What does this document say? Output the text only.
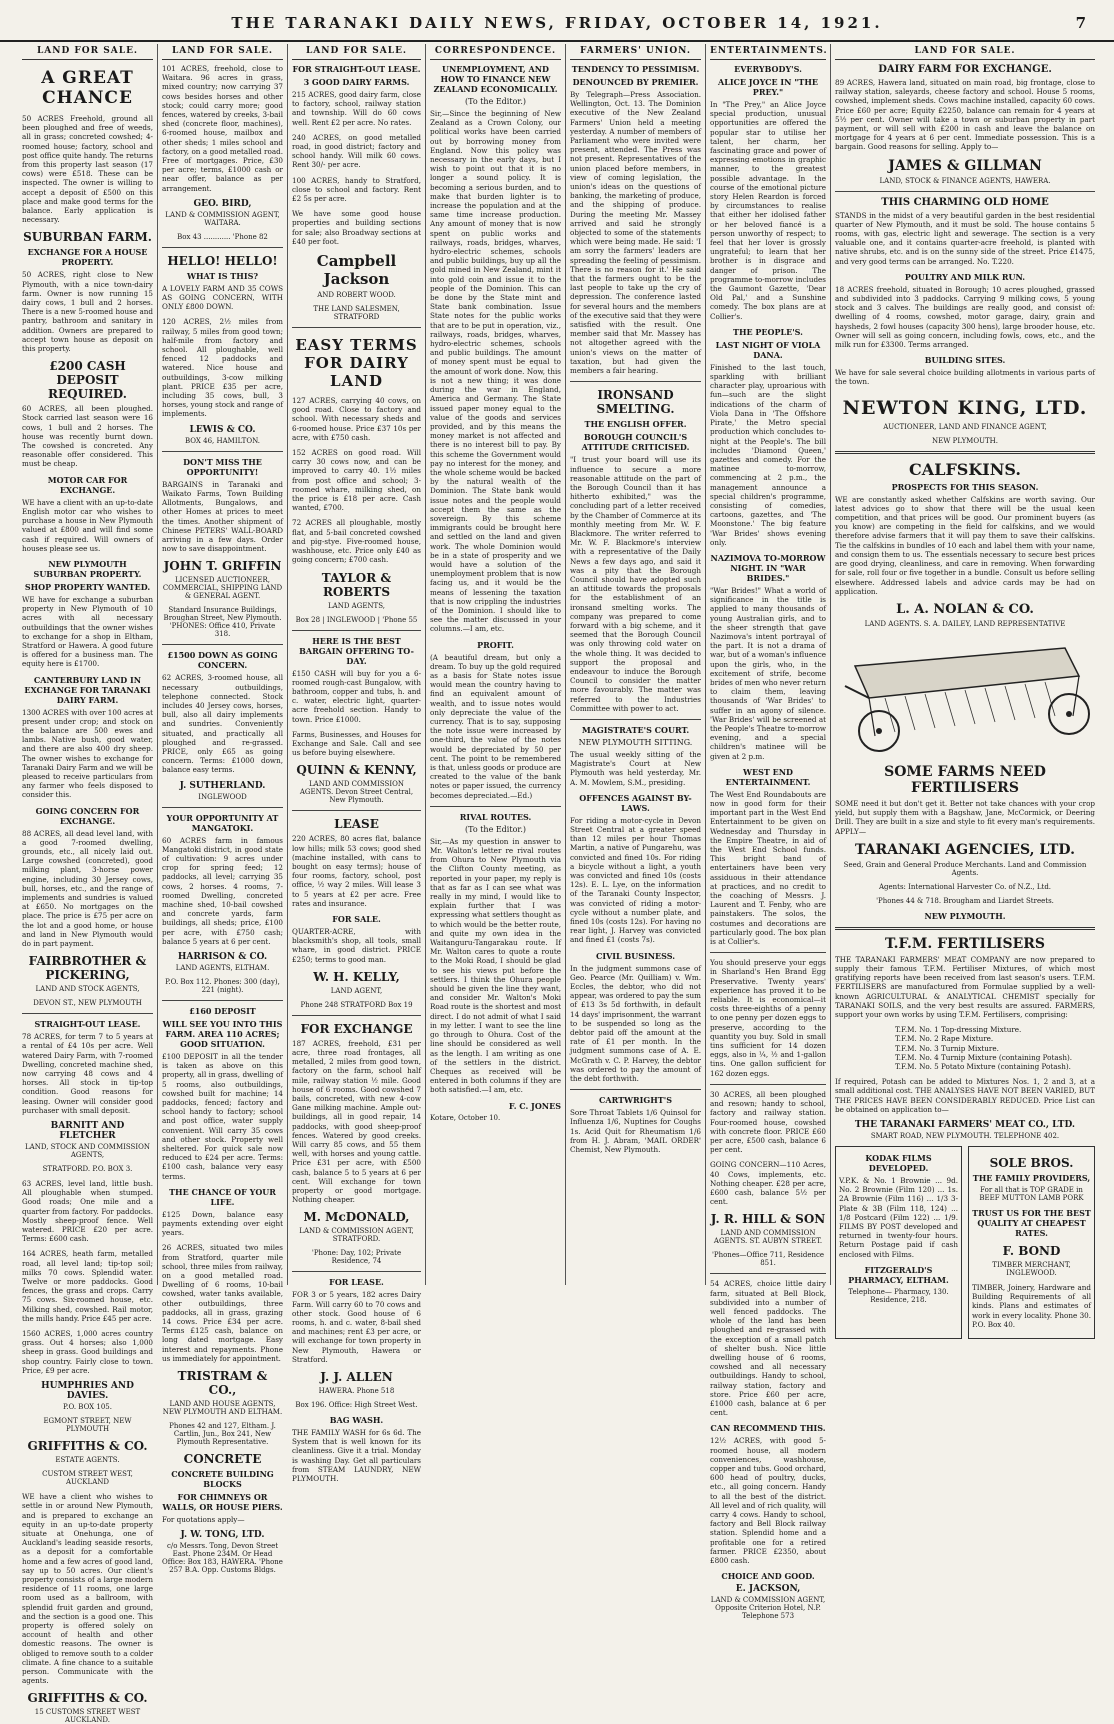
THE TARANAKI DAILY NEWS, FRIDAY, OCTOBER 14, 1921.	7
LAND FOR SALE.
A GREAT CHANCE
50 ACRES Freehold, ground all been ploughed and free of weeds, all in grass; concreted cowshed; 4-roomed house; factory, school and post office quite handy. The returns from this property last season (17 cows) were £518. These can be inspected. The owner is willing to accept a deposit of £500 on this place and make good terms for the balance. Early application is necessary.
SUBURBAN FARM.
EXCHANGE FOR A HOUSE PROPERTY.
50 ACRES, right close to New Plymouth, with a nice town-dairy farm. Owner is now running 15 dairy cows, 1 bull and 2 horses. There is a new 5-roomed house and pantry, bathroom and sanitary in addition. Owners are prepared to accept town house as deposit on this property.
£200 CASH DEPOSIT REQUIRED.
60 ACRES, all been ploughed. Stock carried last season were 16 cows, 1 bull and 2 horses. The house was recently burnt down. The cowshed is concreted. Any reasonable offer considered. This must be cheap.
MOTOR CAR FOR EXCHANGE.
WE have a client with an up-to-date English motor car who wishes to purchase a house in New Plymouth valued at £800 and will find some cash if required. Will owners of houses please see us.
NEW PLYMOUTH SUBURBAN PROPERTY.
SHOP PROPERTY WANTED.
WE have for exchange a suburban property in New Plymouth of 10 acres with all necessary outbuildings that the owner wishes to exchange for a shop in Eltham, Stratford or Hawera. A good future is offered for a business man. The equity here is £1700.
CANTERBURY LAND IN EXCHANGE FOR TARANAKI DAIRY FARM.
1300 ACRES with over 100 acres at present under crop; and stock on the balance are 500 ewes and lambs. Native bush, good water, and there are also 400 dry sheep. The owner wishes to exchange for Taranaki Dairy Farm and we will be pleased to receive particulars from any farmer who feels disposed to consider this.
GOING CONCERN FOR EXCHANGE.
88 ACRES, all dead level land, with a good 7-roomed dwelling, grounds, etc., all nicely laid out. Large cowshed (concreted), good milking plant, 3-horse power engine, including 30 Jersey cows, bull, horses, etc., and the range of implements and sundries is valued at £650. No mortgages on the place. The price is £75 per acre on the lot and a good home, or house and land in New Plymouth would do in part payment.
FAIRBROTHER & PICKERING,
LAND AND STOCK AGENTS,
DEVON ST., NEW PLYMOUTH
STRAIGHT-OUT LEASE.
78 ACRES, for term 7 to 5 years at a rental of £4 10s per acre. Well watered Dairy Farm, with 7-roomed Dwelling, concreted machine shed, now carrying 48 cows and 4 horses. All stock in tip-top condition. Good reasons for leasing. Owner will consider good purchaser with small deposit.
BARNITT AND FLETCHER
LAND, STOCK AND COMMISSION AGENTS,
STRATFORD. P.O. BOX 3.
63 ACRES, level land, little bush. All ploughable when stumped. Good roads; One mile and a quarter from factory. For paddocks. Mostly sheep-proof fence. Well watered. PRICE £20 per acre. Terms: £600 cash.
164 ACRES, heath farm, metalled road, all level land; tip-top soil; milks 70 cows. Splendid water. Twelve or more paddocks. Good fences, the grass and crops. Carry 75 cows. Six-roomed house, etc. Milking shed, cowshed. Rail motor, the mills handy. Price £45 per acre.
1560 ACRES, 1,000 acres country grass. Out 4 horses; also 1,000 sheep in grass. Good buildings and shop country. Fairly close to town. Price, £9 per acre.
HUMPHRIES AND DAVIES.
P.O. BOX 105.
EGMONT STREET, NEW PLYMOUTH
GRIFFITHS & CO.
ESTATE AGENTS.
CUSTOM STREET WEST, AUCKLAND
WE have a client who wishes to settle in or around New Plymouth, and is prepared to exchange an equity in an up-to-date property situate at Onehunga, one of Auckland's leading seaside resorts, as a deposit for a comfortable home and a few acres of good land, say up to 50 acres. Our client's property consists of a large modern residence of 11 rooms, one large room used as a ballroom, with splendid fruit garden and ground, and the section is a good one. This property is offered solely on account of health and other domestic reasons. The owner is obliged to remove south to a colder climate. A fine chance to a suitable person. Communicate with the agents.
GRIFFITHS & CO.
15 CUSTOMS STREET WEST AUCKLAND.
LAND FOR SALE.
101 ACRES, freehold, close to Waitara. 96 acres in grass, mixed country; now carrying 37 cows besides horses and other stock; could carry more; good fences, watered by creeks, 3-bail shed (concrete floor, machines), 6-roomed house, mailbox and other sheds; 1 miles school and factory, on a good metalled road. Free of mortgages. Price, £30 per acre; terms, £1000 cash or near offer, balance as per arrangement.
GEO. BIRD,
LAND & COMMISSION AGENT, WAITARA.
Box 43 ............ 'Phone 82
HELLO! HELLO!
WHAT IS THIS?
A LOVELY FARM AND 35 COWS AS GOING CONCERN, WITH ONLY £800 DOWN.
120 ACRES, 2½ miles from railway, 5 miles from good town; half-mile from factory and school. All ploughable, well fenced 12 paddocks and watered. Nice house and outbuildings, 3-cow milking plant. PRICE £35 per acre, including 35 cows, bull, 3 horses, young stock and range of implements.
LEWIS & CO.
BOX 46, HAMILTON.
DON'T MISS THE OPPORTUNITY!
BARGAINS in Taranaki and Waikato Farms, Town Building Allotments, Bungalows, and other Homes at prices to meet the times. Another shipment of Chinese PETERS' WALL-BOARD arriving in a few days. Order now to save disappointment.
JOHN T. GRIFFIN
LICENSED AUCTIONEER, COMMERCIAL, SHIPPING LAND & GENERAL AGENT.
Standard Insurance Buildings, Broughan Street, New Plymouth. 'PHONES: Office 410, Private 318.
£1500 DOWN AS GOING CONCERN.
62 ACRES, 3-roomed house, all necessary outbuildings, telephone connected. Stock includes 40 Jersey cows, horses, bull, also all dairy implements and sundries. Conveniently situated, and practically all ploughed and re-grassed. PRICE, only £65 as going concern. Terms: £1000 down, balance easy terms.
J. SUTHERLAND.
INGLEWOOD
YOUR OPPORTUNITY AT MANGATOKI.
60 ACRES farm in famous Mangatoki district, in good state of cultivation: 9 acres under crop for spring feed; 12 paddocks, all level; carrying 35 cows, 2 horses. 4 rooms, 7-roomed Dwelling, concreted machine shed, 10-bail cowshed and concrete yards, farm buildings, all sheds; price, £100 per acre, with £750 cash; balance 5 years at 6 per cent.
HARRISON & CO.
LAND AGENTS, ELTHAM.
P.O. Box 112. Phones: 300 (day), 221 (night).
£160 DEPOSIT
WILL SEE YOU INTO THIS FARM. AREA 110 ACRES; GOOD SITUATION.
£100 DEPOSIT in all the tender is taken as above on this property, all in grass, dwelling of 5 rooms, also outbuildings, cowshed built for machine; 14 paddocks, fenced; factory and school handy to factory; school and post office, water supply convenient. Will carry 35 cows and other stock. Property well sheltered. For quick sale now reduced to £24 per acre. Terms: £100 cash, balance very easy terms.
THE CHANCE OF YOUR LIFE.
£125 Down, balance easy payments extending over eight years.
26 ACRES, situated two miles from Stratford, quarter mile school, three miles from railway, on a good metalled road. Dwelling of 6 rooms, 10-bail cowshed, water tanks available, other outbuildings, three paddocks, all in grass, grazing 14 cows. Price £34 per acre. Terms £125 cash, balance on long dated mortgage. Easy interest and repayments. Phone us immediately for appointment.
TRISTRAM & CO.,
LAND AND HOUSE AGENTS, NEW PLYMOUTH AND ELTHAM.
Phones 42 and 127, Eltham. J. Cartlin, Jun., Box 241, New Plymouth Representative.
CONCRETE
CONCRETE BUILDING BLOCKS
FOR CHIMNEYS OR WALLS, OR HOUSE PIERS.
For quotations apply—
J. W. TONG, LTD.
c/o Messrs. Tong, Devon Street East. Phone 234M. Or Head Office: Box 183, HAWERA. 'Phone 257 B.A. Opp. Customs Bldgs.
LAND FOR SALE.
FOR STRAIGHT-OUT LEASE.
3 GOOD DAIRY FARMS.
215 ACRES, good dairy farm, close to factory, school, railway station and township. Will do 60 cows well. Rent £2 per acre. No rates.
240 ACRES, on good metalled road, in good district; factory and school handy. Will milk 60 cows. Rent 30/- per acre.
100 ACRES, handy to Stratford, close to school and factory. Rent £2 5s per acre.
We have some good house properties and building sections for sale; also Broadway sections at £40 per foot.
Campbell Jackson
AND ROBERT WOOD.
THE LAND SALESMEN, STRATFORD
EASY TERMS FOR DAIRY LAND
127 ACRES, carrying 40 cows, on good road. Close to factory and school. With necessary sheds and 6-roomed house. Price £37 10s per acre, with £750 cash.
152 ACRES on good road. Will carry 30 cows now, and can be improved to carry 40. 1½ miles from post office and school; 3-roomed whare, milking shed, on the price is £18 per acre. Cash wanted, £700.
72 ACRES all ploughable, mostly flat, and 5-bail concreted cowshed and pig-stye. Five-roomed house, washhouse, etc. Price only £40 as going concern; £700 cash.
TAYLOR & ROBERTS
LAND AGENTS,
Box 28 | INGLEWOOD | 'Phone 55
HERE IS THE BEST BARGAIN OFFERING TO-DAY.
£150 CASH will buy for you a 6-roomed rough-cast Bungalow, with bathroom, copper and tubs, h. and c. water, electric light, quarter-acre freehold section. Handy to town. Price £1000.
Farms, Businesses, and Houses for Exchange and Sale. Call and see us before buying elsewhere.
QUINN & KENNY,
LAND AND COMMISSION AGENTS. Devon Street Central, New Plymouth.
LEASE
220 ACRES, 80 acres flat, balance low hills; milk 53 cows; good shed (machine installed, with cans to bought on easy terms); house of four rooms, factory, school, post office, ½ way 2 miles. Will lease 3 to 5 years at £2 per acre. Free rates and insurance.
FOR SALE.
QUARTER-ACRE, with blacksmith's shop, all tools, small whare, in good district. PRICE £250; terms to good man.
W. H. KELLY,
LAND AGENT,
Phone 248 STRATFORD Box 19
FOR EXCHANGE
187 ACRES, freehold, £31 per acre, three road frontages, all metalled, 2 miles from good town, factory on the farm, school half mile, railway station ½ mile. Good house of 6 rooms. Good cowshed 7 bails, concreted, with new 4-cow Gane milking machine. Ample out-buildings, all in good repair, 14 paddocks, with good sheep-proof fences. Watered by good creeks. Will carry 85 cows, and 55 them well, with horses and young cattle. Price £31 per acre, with £500 cash, balance 5 to 5 years at 6 per cent. Will exchange for town property or good mortgage. Nothing cheaper.
M. McDONALD,
LAND & COMMISSION AGENT, STRATFORD.
'Phone: Day, 102; Private Residence, 74
FOR LEASE.
FOR 3 or 5 years, 182 acres Dairy Farm. Will carry 60 to 70 cows and other stock. Good house of 6 rooms, h. and c. water, 8-bail shed and machines; rent £3 per acre, or will exchange for town property in New Plymouth, Hawera or Stratford.
J. J. ALLEN
HAWERA. Phone 518
Box 196. Office: High Street West.
BAG WASH.
THE FAMILY WASH for 6s 6d. The System that is well known for its cleanliness. Give it a trial. Monday is washing Day. Get all particulars from STEAM LAUNDRY, NEW PLYMOUTH.
CORRESPONDENCE.
UNEMPLOYMENT, AND HOW TO FINANCE NEW ZEALAND ECONOMICALLY.
(To the Editor.)
Sir,—Since the beginning of New Zealand as a Crown Colony, our political works have been carried out by borrowing money from England. Now this policy was necessary in the early days, but I wish to point out that it is no longer a sound policy. It is becoming a serious burden, and to make that burden lighter is to increase the population and at the same time increase production. Any amount of money that is now spent on public works and railways, roads, bridges, wharves, hydro-electric schemes, schools and public buildings, buy up all the gold mined in New Zealand, mint it into gold coin and issue it to the people of the Dominion. This can be done by the State mint and State bank combination. Issue State notes for the public works that are to be put in operation, viz., railways, roads, bridges, wharves, hydro-electric schemes, schools and public buildings. The amount of money spent must be equal to the amount of work done. Now, this is not a new thing; it was done during the war in England, America and Germany. The State issued paper money equal to the value of the goods and services provided, and by this means the money market is not affected and there is no interest bill to pay. By this scheme the Government would pay no interest for the money, and the whole scheme would be backed by the natural wealth of the Dominion. The State bank would issue notes and the people would accept them the same as the sovereign. By this scheme immigrants could be brought here and settled on the land and given work. The whole Dominion would be in a state of prosperity and we would have a solution of the unemployment problem that is now facing us, and it would be the means of lessening the taxation that is now crippling the industries of the Dominion. I should like to see the matter discussed in your columns.—I am, etc.
PROFIT.
(A beautiful dream, but only a dream. To buy up the gold required as a basis for State notes issue would mean the country having to find an equivalent amount of wealth, and to issue notes would only depreciate the value of the currency. That is to say, supposing the note issue were increased by one-third, the value of the notes would be depreciated by 50 per cent. The point to be remembered is that, unless goods or produce are created to the value of the bank notes or paper issued, the currency becomes depreciated.—Ed.)
RIVAL ROUTES.
(To the Editor.)
Sir,—As my question in answer to Mr. Walton's letter re rival routes from Ohura to New Plymouth via the Clifton County meeting, as reported in your paper, my reply is that as far as I can see what was really in my mind, I would like to explain further that I was expressing what settlers thought as to which would be the better route, and quite my own idea in the Waitanguru-Tangarakau route. If Mr. Walton cares to quote a route to the Moki Road, I should be glad to see his views put before the settlers. I think the Ohura people should be given the line they want, and consider Mr. Walton's Moki Road route is the shortest and most direct. I do not admit of what I said in my letter. I want to see the line go through to Ohura. Cost of the line should be considered as well as the length. I am writing as one of the settlers in the district. Cheques as received will be entered in both columns if they are both satisfied.—I am, etc.
F. C. JONES
Kotare, October 10.
FARMERS' UNION.
TENDENCY TO PESSIMISM.
DENOUNCED BY PREMIER.
By Telegraph—Press Association. Wellington, Oct. 13. The Dominion executive of the New Zealand Farmers' Union held a meeting yesterday. A number of members of Parliament who were invited were present, attended. The Press was not present. Representatives of the union placed before members, in view of coming legislation, the union's ideas on the questions of banking, the marketing of produce, and the shipping of produce. During the meeting Mr. Massey arrived and said he strongly objected to some of the statements which were being made. He said: 'I am sorry the farmers' leaders are spreading the feeling of pessimism. There is no reason for it.' He said that the farmers ought to be the last people to take up the cry of depression. The conference lasted for several hours and the members of the executive said that they were satisfied with the result. One member said that Mr. Massey has not altogether agreed with the union's views on the matter of taxation, but had given the members a fair hearing.
IRONSAND SMELTING.
THE ENGLISH OFFER.
BOROUGH COUNCIL'S ATTITUDE CRITICISED.
"I trust your board will use its influence to secure a more reasonable attitude on the part of the Borough Council than it has hitherto exhibited," was the concluding part of a letter received by the Chamber of Commerce at its monthly meeting from Mr. W. F. Blackmore. The writer referred to Mr. W. F. Blackmore's interview with a representative of the Daily News a few days ago, and said it was a pity that the Borough Council should have adopted such an attitude towards the proposals for the establishment of an ironsand smelting works. The company was prepared to come forward with a big scheme, and it seemed that the Borough Council was only throwing cold water on the whole thing. It was decided to support the proposal and endeavour to induce the Borough Council to consider the matter more favourably. The matter was referred to the Industries Committee with power to act.
MAGISTRATE'S COURT.
NEW PLYMOUTH SITTING.
The usual weekly sitting of the Magistrate's Court at New Plymouth was held yesterday, Mr. A. M. Mowlem, S.M., presiding.
OFFENCES AGAINST BY-LAWS.
For riding a motor-cycle in Devon Street Central at a greater speed than 12 miles per hour Thomas Martin, a native of Pungarehu, was convicted and fined 10s. For riding a bicycle without a light, a youth was convicted and fined 10s (costs 12s). E. L. Lye, on the information of the Taranaki County Inspector, was convicted of riding a motor-cycle without a number plate, and fined 10s (costs 12s). For having no rear light, J. Harvey was convicted and fined £1 (costs 7s).
CIVIL BUSINESS.
In the judgment summons case of Geo. Pearce (Mr. Quilliam) v. Wm. Eccles, the debtor, who did not appear, was ordered to pay the sum of £13 3s 5d forthwith, in default 14 days' imprisonment, the warrant to be suspended so long as the debtor paid off the amount at the rate of £1 per month. In the judgment summons case of A. E. McGrath v. C. P. Harvey, the debtor was ordered to pay the amount of the debt forthwith.
CARTWRIGHT'S
Sore Throat Tablets 1/6 Quinsol for Influenza 1/6, Nuptines for Coughs 1s. Acid Quit for Rheumatism 1/6 from H. J. Abram, 'MAIL ORDER' Chemist, New Plymouth.
ENTERTAINMENTS.
EVERYBODY'S.
ALICE JOYCE IN "THE PREY."
In "The Prey," an Alice Joyce special production, unusual opportunities are offered the popular star to utilise her talent, her charm, her fascinating grace and power of expressing emotions in graphic manner, to the greatest possible advantage. In the course of the emotional picture story Helen Reardon is forced by circumstances to realise that either her idolised father or her beloved fiancé is a person unworthy of respect; to feel that her lover is grossly ungrateful; to learn that her brother is in disgrace and danger of prison. The programme to-morrow includes the Gaumont Gazette, 'Dear Old Pal,' and a Sunshine comedy. The box plans are at Collier's.
THE PEOPLE'S.
LAST NIGHT OF VIOLA DANA.
Finished to the last touch, sparkling with brilliant character play, uproarious with fun—such are the slight indications of the charm of Viola Dana in 'The Offshore Pirate,' the Metro special production which concludes to-night at the People's. The bill includes 'Diamond Queen,' gazettes and comedy. For the matinee to-morrow, commencing at 2 p.m., the management announce a special children's programme, consisting of comedies, cartoons, gazettes, and 'The Moonstone.' The big feature 'War Brides' shows evening only.
NAZIMOVA TO-MORROW NIGHT. IN "WAR BRIDES."
"War Brides!" What a world of significance in the title is applied to many thousands of young Australian girls, and to the sheer strength that gave Nazimova's intent portrayal of the part. It is not a drama of war, but of a woman's influence upon the girls, who, in the excitement of strife, become brides of men who never return to claim them, leaving thousands of 'War Brides' to suffer in an agony of silence. 'War Brides' will be screened at the People's Theatre to-morrow evening, and a special children's matinee will be given at 2 p.m.
WEST END ENTERTAINMENT.
The West End Roundabouts are now in good form for their important part in the West End Entertainment to be given on Wednesday and Thursday in the Empire Theatre, in aid of the West End School funds. This bright band of entertainers have been very assiduous in their attendance at practices, and no credit to the coaching of Messrs. J. Laurent and T. Fenby, who are painstakers. The solos, the costumes and decorations are particularly good. The box plan is at Collier's.
You should preserve your eggs in Sharland's Hen Brand Egg Preservative. Twenty years' experience has proved it to be reliable. It is economical—it costs three-eighths of a penny to one penny per dozen eggs to preserve, according to the quantity you buy. Sold in small tins sufficient for 14 dozen eggs, also in ¼, ½ and 1-gallon tins. One gallon sufficient for 162 dozen eggs.
30 ACRES, all been ploughed and resown; handy to school, factory and railway station. Four-roomed house, cowshed with concrete floor. PRICE £60 per acre, £500 cash, balance 6 per cent.
GOING CONCERN—110 Acres, 40 Cows, implements, etc. Nothing cheaper. £28 per acre, £600 cash, balance 5½ per cent.
J. R. HILL & SON
LAND AND COMMISSION AGENTS. ST. AUBYN STREET.
'Phones—Office 711, Residence 851.
54 ACRES, choice little dairy farm, situated at Bell Block, subdivided into a number of well fenced paddocks. The whole of the land has been ploughed and re-grassed with the exception of a small patch of shelter bush. Nice little dwelling house of 6 rooms, cowshed and all necessary outbuildings. Handy to school, railway station, factory and store. Price £60 per acre, £1000 cash, balance at 6 per cent.
CAN RECOMMEND THIS.
12½ ACRES, with good 5-roomed house, all modern conveniences, washhouse, copper and tubs. Good orchard, 600 head of poultry, ducks, etc., all going concern. Handy to all the best of the district. All level and of rich quality, will carry 4 cows. Handy to school, factory and Bell Block railway station. Splendid home and a profitable one for a retired farmer. PRICE £2350, about £800 cash.
CHOICE AND GOOD.
E. JACKSON,
LAND & COMMISSION AGENT, Opposite Criterion Hotel, N.P. Telephone 573
LAND FOR SALE.
DAIRY FARM FOR EXCHANGE.
89 ACRES, Hawera land, situated on main road, big frontage, close to railway station, saleyards, cheese factory and school. House 5 rooms, cowshed, implement sheds. Cows machine installed, capacity 60 cows. Price £60 per acre; Equity £2250, balance can remain for 4 years at 5½ per cent. Owner will take a town or suburban property in part payment, or will sell with £200 in cash and leave the balance on mortgage for 4 years at 6 per cent. Immediate possession. This is a bargain. Good reasons for selling. Apply to—
JAMES & GILLMAN
LAND, STOCK & FINANCE AGENTS, HAWERA.
THIS CHARMING OLD HOME
STANDS in the midst of a very beautiful garden in the best residential quarter of New Plymouth, and it must be sold. The house contains 5 rooms, with gas, electric light and sewerage. The section is a very valuable one, and it contains quarter-acre freehold, is planted with native shrubs, etc. and is on the sunny side of the street. Price £1475, and very good terms can be arranged. No. T.220.
POULTRY AND MILK RUN.
18 ACRES freehold, situated in Borough; 10 acres ploughed, grassed and subdivided into 3 paddocks. Carrying 9 milking cows, 5 young stock and 3 calves. The buildings are really good, and consist of: dwelling of 4 rooms, cowshed, motor garage, dairy, grain and haysheds, 2 fowl houses (capacity 300 hens), large brooder house, etc. Owner will sell as going concern, including fowls, cows, etc., and the milk run for £3300. Terms arranged.
BUILDING SITES.
We have for sale several choice building allotments in various parts of the town.
NEWTON KING, LTD.
AUCTIONEER, LAND AND FINANCE AGENT,
NEW PLYMOUTH.
CALFSKINS.
PROSPECTS FOR THIS SEASON.
WE are constantly asked whether Calfskins are worth saving. Our latest advices go to show that there will be the usual keen competition, and that prices will be good. Our prominent buyers (as you know) are competing in the field for calfskins, and we would therefore advise farmers that it will pay them to save their calfskins. Tie the calfskins in bundles of 10 each and label them with your name, and consign them to us. The essentials necessary to secure best prices are good drying, cleanliness, and care in removing. When forwarding for sale, roll four or five together in a bundle. Consult us before selling elsewhere. Addressed labels and advice cards may be had on application.
L. A. NOLAN & CO.
LAND AGENTS. S. A. DAILEY, LAND REPRESENTATIVE
SOME FARMS NEED FERTILISERS
SOME need it but don't get it. Better not take chances with your crop yield, but supply them with a Bagshaw, Jane, McCormick, or Deering Drill. They are built in a size and style to fit every man's requirements. APPLY—
TARANAKI AGENCIES, LTD.
Seed, Grain and General Produce Merchants. Land and Commission Agents.
Agents: International Harvester Co. of N.Z., Ltd.
'Phones 44 & 718. Brougham and Liardet Streets.
NEW PLYMOUTH.
T.F.M. FERTILISERS
THE TARANAKI FARMERS' MEAT COMPANY are now prepared to supply their famous T.F.M. Fertiliser Mixtures, of which most gratifying reports have been received from last season's users. T.F.M. FERTILISERS are manufactured from Formulae supplied by a well-known AGRICULTURAL & ANALYTICAL CHEMIST specially for TARANAKI SOILS, and the very best results are assured. FARMERS, support your own works by using T.F.M. Fertilisers, comprising:
T.F.M. No. 1 Top-dressing Mixture.
T.F.M. No. 2 Rape Mixture.
T.F.M. No. 3 Turnip Mixture.
T.F.M. No. 4 Turnip Mixture (containing Potash).
T.F.M. No. 5 Potato Mixture (containing Potash).
If required, Potash can be added to Mixtures Nos. 1, 2 and 3, at a small additional cost. THE ANALYSES HAVE NOT BEEN VARIED, BUT THE PRICES HAVE BEEN CONSIDERABLY REDUCED. Price List can be obtained on application to—
THE TARANAKI FARMERS' MEAT CO., LTD.
SMART ROAD, NEW PLYMOUTH. TELEPHONE 402.
KODAK FILMS DEVELOPED.
V.P.K. & No. 1 Brownie ... 9d. No. 2 Brownie (Film 120) ... 1s. 2A Brownie (Film 116) ... 1/3 3-Plate & 3B (Film 118, 124) ... 1/8 Postcard (Film 122) ... 1/9. FILMS BY POST developed and returned in twenty-four hours. Return Postage paid if cash enclosed with Films.
FITZGERALD'S PHARMACY, ELTHAM.
Telephone— Pharmacy, 130. Residence, 218.
SOLE BROS.
THE FAMILY PROVIDERS,
For all that is TOP GRADE in BEEF MUTTON LAMB PORK
TRUST US FOR THE BEST QUALITY AT CHEAPEST RATES.
F. BOND
TIMBER MERCHANT, INGLEWOOD.
TIMBER, Joinery, Hardware and Building Requirements of all kinds. Plans and estimates of work in every locality. Phone 30. P.O. Box 40.
